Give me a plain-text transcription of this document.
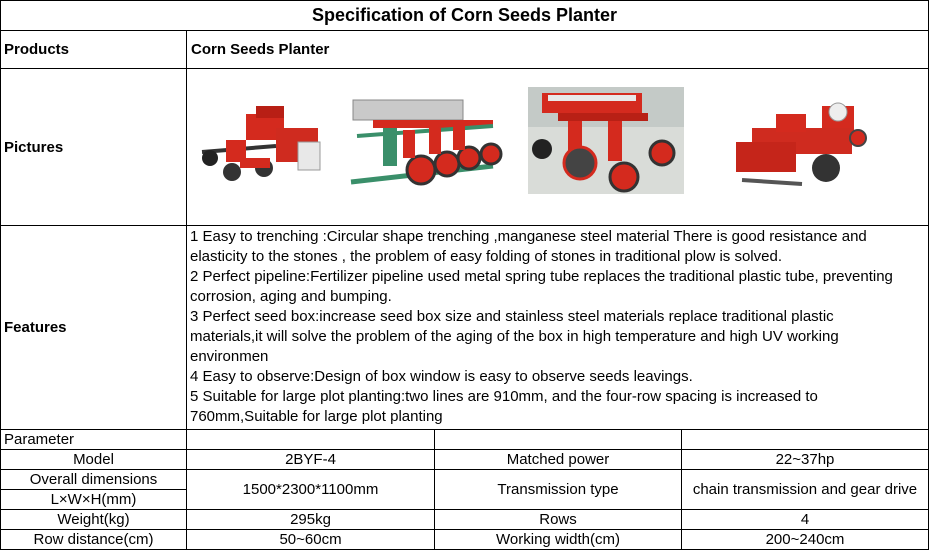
Specification of Corn Seeds Planter
Products	Corn Seeds Planter
Pictures
Features

1 Easy to trenching :Circular shape trenching ,manganese steel material There is good resistance and

elasticity to the stones , the problem of easy folding of stones in traditional plow is solved.

2 Perfect pipeline:Fertilizer pipeline used metal spring tube replaces the traditional plastic tube, preventing

corrosion, aging and bumping.

3 Perfect seed box:increase seed box size and stainless steel materials replace traditional plastic

materials,it will solve the problem of the aging of the box in high temperature and high UV working

environmen

4 Easy to observe:Design of box window is easy to observe seeds leavings.

5 Suitable for large plot planting:two lines are 910mm, and the four-row spacing is increased to

760mm,Suitable for large plot planting

Parameter
Model	2BYF-4	Matched power	22~37hp
Overall dimensions
L×W×H(mm)
1500*2300*1100mm	Transmission type	chain transmission and gear drive
Weight(kg)	295kg	Rows	4
Row distance(cm)	50~60cm	Working width(cm)	200~240cm
